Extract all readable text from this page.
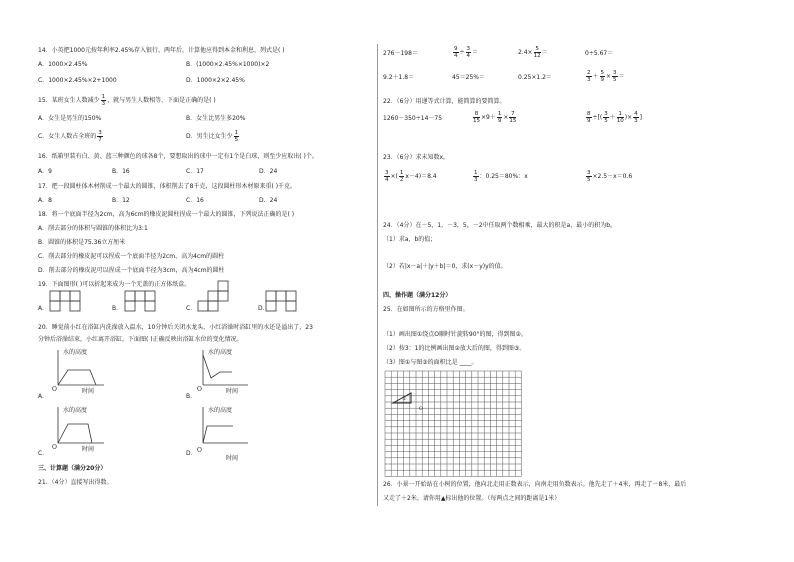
14．小英把1000元按年利率2.45%存入银行，两年后，计算他应得到本金和利息，列式是( )
A．1000×2.45%	B．(1000×2.45%×1000)×2
C．1000×2.45%×2+1000	D．1000×2×2.45%
15．某班女生人数减少 $\frac{1}{3}$ ，就与男生人数相等，下面是正确的是( )
A．女生是男生的150%	B．女生比男生多20%
C．女生人数占全班的 $\frac{3}{7}$	D．男生比女生少 $\frac{1}{5}$
16．纸箱里装有白、黄、蓝三种颜色的球各8个，要想取出的球中一定有1个是白球，则至少应取出( )个。
A．9	B．16	C．17	D．24
17．把一段圆柱体木材削成一个最大的圆锥，体积削去了8千克，这段圆柱形木材原来重( )千克。
A．8	B．12	C．16	D．24
18．将一个底面半径为2cm，高为6cm的橡皮泥圆柱捏成一个最大的圆锥，下列说法正确的是( )
A．削去部分的体积与圆锥的体积比为3:1
B．圆锥的体积是75.36立方厘米
C．削去部分的橡皮泥可以捏成一个底面半径为2cm，高为4cm的圆柱
D．削去部分的橡皮泥可以捏成一个底面半径为3cm，高为4cm的圆柱
19．下面图形( )可以折起来成为一个无盖的正方体纸盒。
A．	B．	C．	D．
20．睡觉前小红在浴缸内洗澡放入温水，10分钟后关闭水龙头，小红浴澡时浴缸里的水还是溢出了，23
分钟后浴澡结束，小红离开浴缸。下面图( )正确反映出浴缸水位的变化情况。
A．	B．
C．	D．
水的高度
时间
O
水的高度
时间
O
水的高度
时间
O
水的高度
时间
O
三、计算题（满分20分）
21．（4分）直接写出得数。
276－198＝	$\frac{9}{4} \div \frac{3}{4}$ ＝	$2.4\times \frac{5}{12}$ ＝	0÷5.67＝
9.2＋1.8＝	45＝25%＝	0.25×1.2＝	$\frac{2}{3} + \frac{5}{9} \times \frac{3}{5}$ ＝
22．（6分）用递等式计算，能简算的要简算。
1260－350÷14－75	$\frac{8}{15} \times 9+ \frac{1}{9} \times \frac{7}{15}$	$\frac{8}{9}$ ÷[( $\frac{3}{5} + \frac{1}{10}$ )× $\frac{4}{3}$ ]
23．（6分）求未知数x。
$\frac{3}{4}$ ×( $\frac{1}{2} x-4)=8.4$	$\frac{1}{3}$ ：0.25＝80%：x	$\frac{3}{5} \times 2.5-x=0.6$
24．（4分）在－5，1，－3，5，－2中任取两个数相乘，最大的积是a，最小的积为b。
（1）求a，b的值；
（2）若|x－a|＋|y＋b|＝0，求(x－y)y的值。
四、操作题（满分12分）
25．在如图所示的方格里作图。
（1）画出图①绕点O顺时针旋转90°的图，得到图②。
（2）按3：1的比例画出图②放大后的图，得到图③。
（3）图①与图③的面积比是 ____。
①
O
26．小景一开始站在小树的位置，他向北走用正数表示，向南走用负数表示。他先走了＋4米，再走了－8米，最后
又走了＋2米。请你用▲标出他的位置。（每两点之间的距离是1米）
